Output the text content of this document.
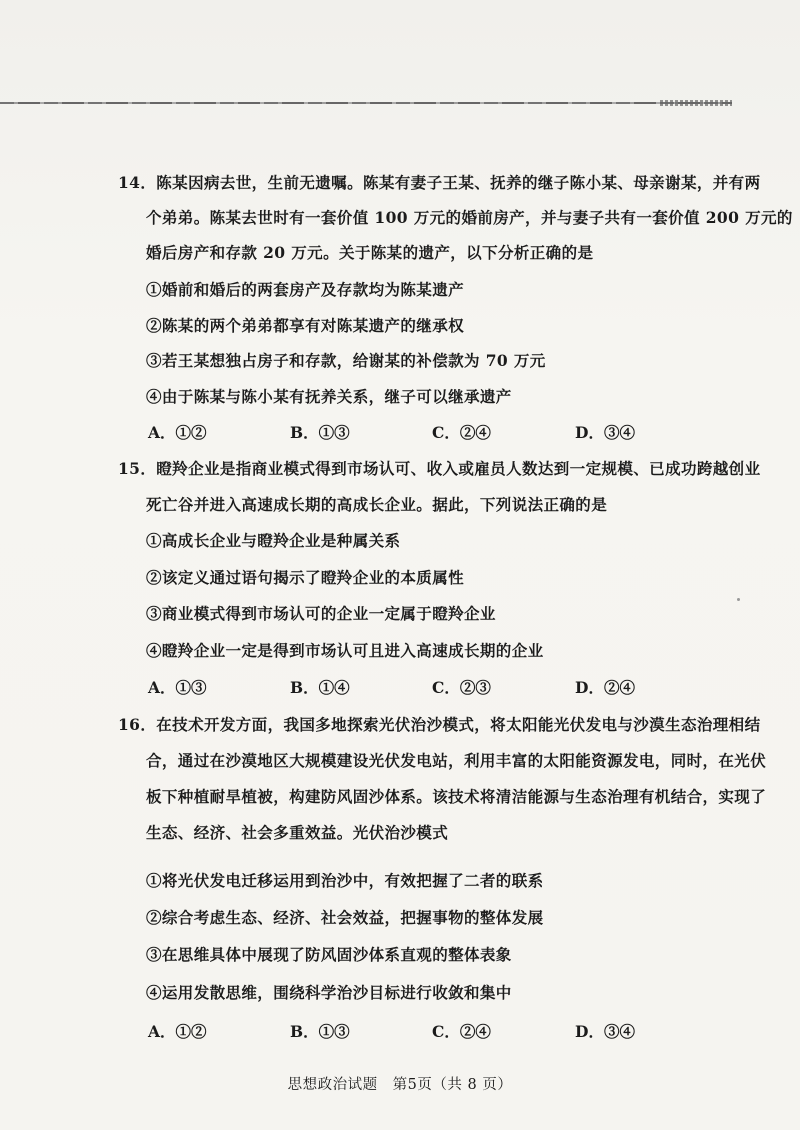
14．陈某因病去世，生前无遗嘱。陈某有妻子王某、抚养的继子陈小某、母亲谢某，并有两
个弟弟。陈某去世时有一套价值 100 万元的婚前房产，并与妻子共有一套价值 200 万元的
婚后房产和存款 20 万元。关于陈某的遗产，以下分析正确的是
①婚前和婚后的两套房产及存款均为陈某遗产
②陈某的两个弟弟都享有对陈某遗产的继承权
③若王某想独占房子和存款，给谢某的补偿款为 70 万元
④由于陈某与陈小某有抚养关系，继子可以继承遗产
A．①②	B．①③	C．②④	D．③④
15．瞪羚企业是指商业模式得到市场认可、收入或雇员人数达到一定规模、已成功跨越创业
死亡谷并进入高速成长期的高成长企业。据此，下列说法正确的是
①高成长企业与瞪羚企业是种属关系
②该定义通过语句揭示了瞪羚企业的本质属性
③商业模式得到市场认可的企业一定属于瞪羚企业
④瞪羚企业一定是得到市场认可且进入高速成长期的企业
A．①③	B．①④	C．②③	D．②④
16．在技术开发方面，我国多地探索光伏治沙模式，将太阳能光伏发电与沙漠生态治理相结
合，通过在沙漠地区大规模建设光伏发电站，利用丰富的太阳能资源发电，同时，在光伏
板下种植耐旱植被，构建防风固沙体系。该技术将清洁能源与生态治理有机结合，实现了
生态、经济、社会多重效益。光伏治沙模式
①将光伏发电迁移运用到治沙中，有效把握了二者的联系
②综合考虑生态、经济、社会效益，把握事物的整体发展
③在思维具体中展现了防风固沙体系直观的整体表象
④运用发散思维，围绕科学治沙目标进行收敛和集中
A．①②	B．①③	C．②④	D．③④
思想政治试题　第5页（共 8 页）
